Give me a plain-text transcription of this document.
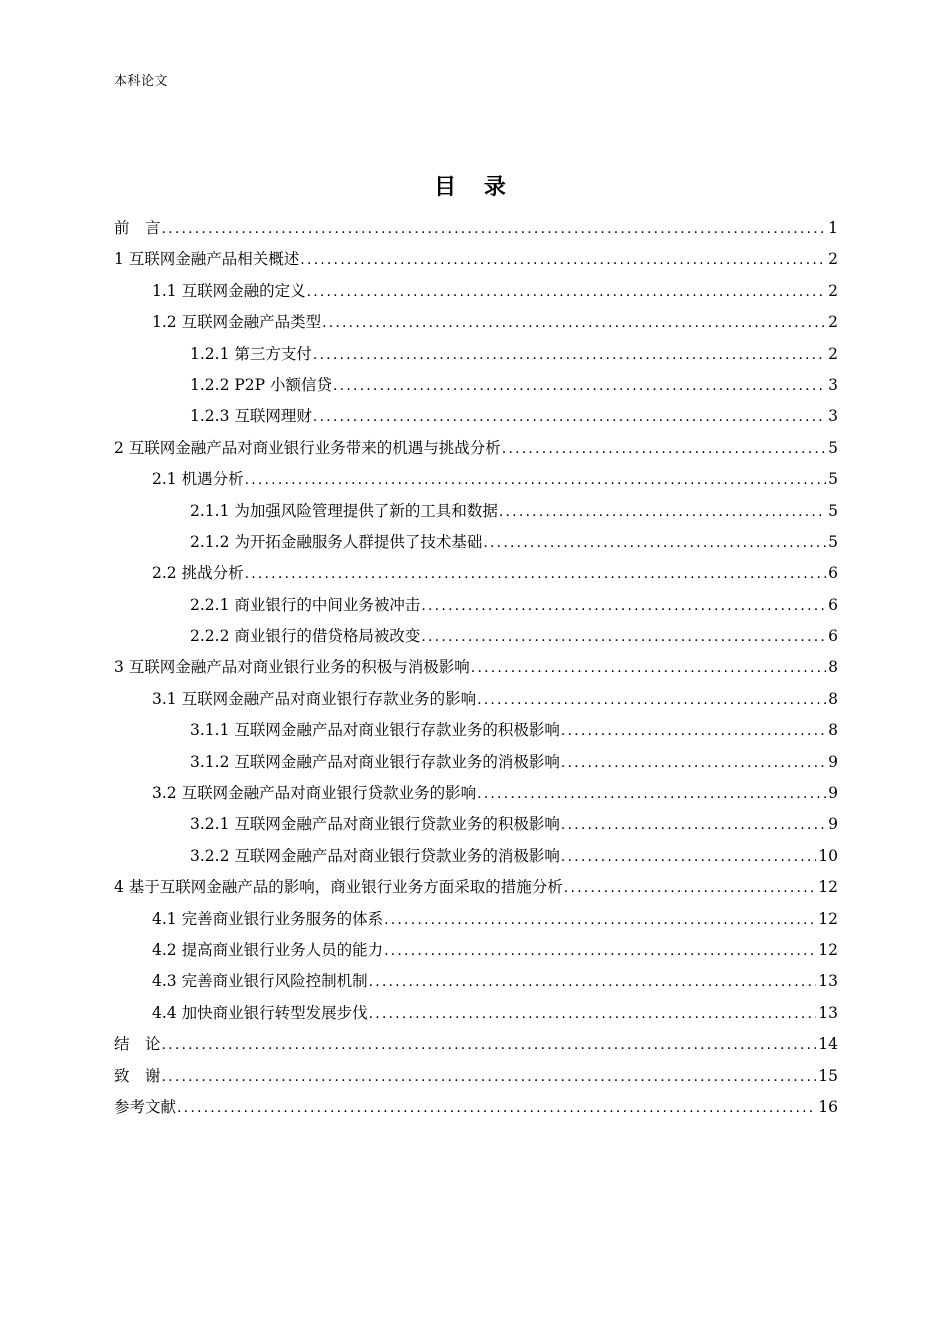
本科论文
目 录
前　言 .....	1
1 互联网金融产品相关概述 .....	2
1.1 互联网金融的定义 .....	2
1.2 互联网金融产品类型 .....	2
1.2.1 第三方支付 .....	2
1.2.2 P2P 小额信贷 .....	3
1.2.3 互联网理财 .....	3
2 互联网金融产品对商业银行业务带来的机遇与挑战分析 .....	5
2.1 机遇分析 .....	5
2.1.1 为加强风险管理提供了新的工具和数据 .....	5
2.1.2 为开拓金融服务人群提供了技术基础 .....	5
2.2 挑战分析 .....	6
2.2.1 商业银行的中间业务被冲击 .....	6
2.2.2 商业银行的借贷格局被改变 .....	6
3 互联网金融产品对商业银行业务的积极与消极影响 .....	8
3.1 互联网金融产品对商业银行存款业务的影响 .....	8
3.1.1 互联网金融产品对商业银行存款业务的积极影响 .....	8
3.1.2 互联网金融产品对商业银行存款业务的消极影响 .....	9
3.2 互联网金融产品对商业银行贷款业务的影响 .....	9
3.2.1 互联网金融产品对商业银行贷款业务的积极影响 .....	9
3.2.2 互联网金融产品对商业银行贷款业务的消极影响 .....	10
4 基于互联网金融产品的影响，商业银行业务方面采取的措施分析 .....	12
4.1 完善商业银行业务服务的体系 .....	12
4.2 提高商业银行业务人员的能力 .....	12
4.3 完善商业银行风险控制机制 .....	13
4.4 加快商业银行转型发展步伐 .....	13
结　论 .....	14
致　谢 .....	15
参考文献 .....	16
